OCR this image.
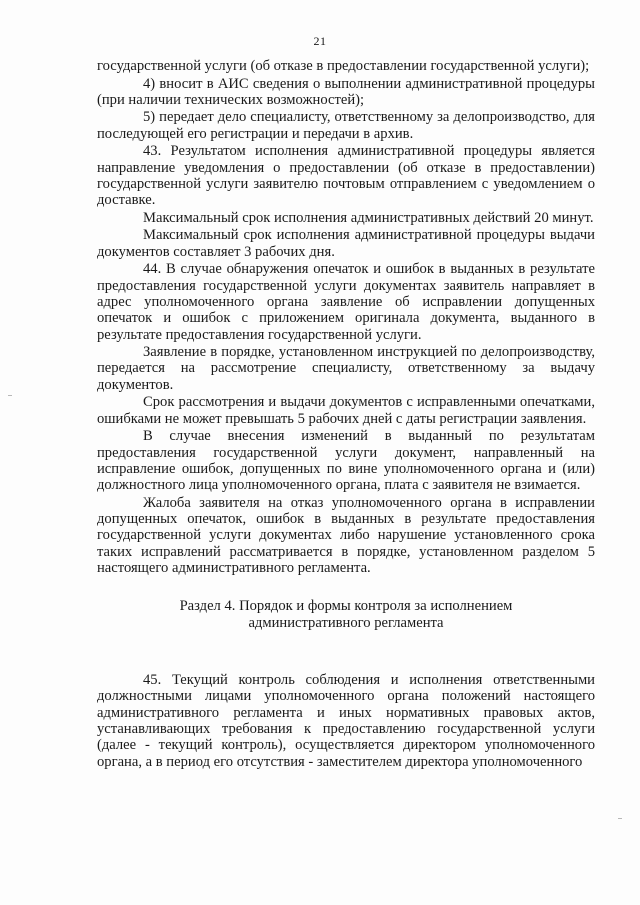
21

государственной услуги (об отказе в предоставлении государственной услуги);

4) вносит в АИС сведения о выполнении административной процедуры (при наличии технических возможностей);

5) передает дело специалисту, ответственному за делопроизводство, для последующей его регистрации и передачи в архив.

43. Результатом исполнения административной процедуры является направление уведомления о предоставлении (об отказе в предоставлении) государственной услуги заявителю почтовым отправлением с уведомлением о доставке.

Максимальный срок исполнения административных действий 20 минут.

Максимальный срок исполнения административной процедуры выдачи документов составляет 3 рабочих дня.

44. В случае обнаружения опечаток и ошибок в выданных в результате предоставления государственной услуги документах заявитель направляет в адрес уполномоченного органа заявление об исправлении допущенных опечаток и ошибок с приложением оригинала документа, выданного в результате предоставления государственной услуги.

Заявление в порядке, установленном инструкцией по делопроизводству, передается на рассмотрение специалисту, ответственному за выдачу документов.

Срок рассмотрения и выдачи документов с исправленными опечатками, ошибками не может превышать 5 рабочих дней с даты регистрации заявления.

В случае внесения изменений в выданный по результатам предоставления государственной услуги документ, направленный на исправление ошибок, допущенных по вине уполномоченного органа и (или) должностного лица уполномоченного органа, плата с заявителя не взимается.

Жалоба заявителя на отказ уполномоченного органа в исправлении допущенных опечаток, ошибок в выданных в результате предоставления государственной услуги документах либо нарушение установленного срока таких исправлений рассматривается в порядке, установленном разделом 5 настоящего административного регламента.

Раздел 4. Порядок и формы контроля за исполнением
административного регламента

45. Текущий контроль соблюдения и исполнения ответственными должностными лицами уполномоченного органа положений настоящего административного регламента и иных нормативных правовых актов, устанавливающих требования к предоставлению государственной услуги (далее - текущий контроль), осуществляется директором уполномоченного органа, а в период его отсутствия - заместителем директора уполномоченного
